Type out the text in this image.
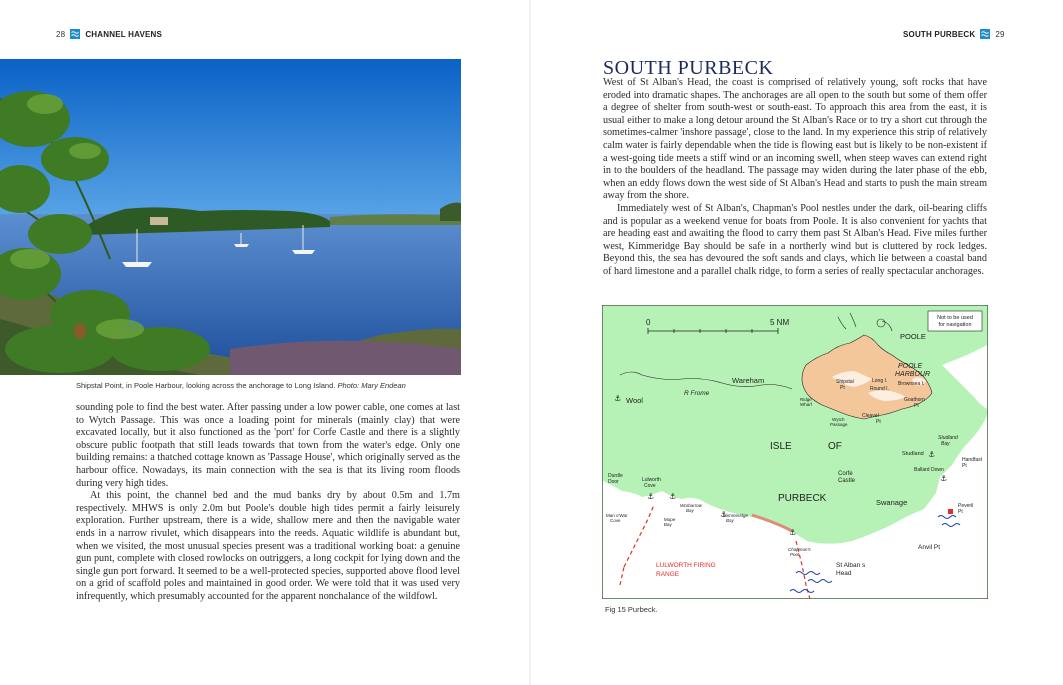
28	CHANNEL HAVENS
Shipstal Point, in Poole Harbour, looking across the anchorage to Long Island. Photo: Mary Endean

sounding pole to find the best water. After passing under a low power cable, one comes at last to Wytch Passage. This was once a loading point for minerals (mainly clay) that were excavated locally, but it also functioned as the 'port' for Corfe Castle and there is a slightly obscure public footpath that still leads towards that town from the water's edge. Only one building remains: a thatched cottage known as 'Passage House', which originally served as the harbour office. Nowadays, its main connection with the sea is that its living room floods during very high tides.

At this point, the channel bed and the mud banks dry by about 0.5m and 1.7m respectively. MHWS is only 2.0m but Poole's double high tides permit a fairly leisurely exploration. Further upstream, there is a wide, shallow mere and then the navigable water ends in a narrow rivulet, which disappears into the reeds. Aquatic wildlife is abundant but, when we visited, the most unusual species present was a traditional working boat: a genuine gun punt, complete with closed rowlocks on outriggers, a long cockpit for lying down and the single gun port forward. It seemed to be a well-protected species, supported above flood level on a grid of scaffold poles and maintained in good order. We were told that it was used very infrequently, which presumably accounted for the apparent nonchalance of the wildfowl.

SOUTH PURBECK	29
SOUTH PURBECK

West of St Alban's Head, the coast is comprised of relatively young, soft rocks that have eroded into dramatic shapes. The anchorages are all open to the south but some of them offer a degree of shelter from south-west or south-east. To approach this area from the east, it is usual either to make a long detour around the St Alban's Race or to try a short cut through the sometimes-calmer 'inshore passage', close to the land. In my experience this strip of relatively calm water is fairly dependable when the tide is flowing east but is likely to be non-existent if a west-going tide meets a stiff wind or an incoming swell, when steep waves can extend right in to the boulders of the headland. The passage may widen during the later phase of the ebb, when an eddy flows down the west side of St Alban's Head and starts to push the main stream away from the shore.

Immediately west of St Alban's, Chapman's Pool nestles under the dark, oil-bearing cliffs and is popular as a weekend venue for boats from Poole. It is also convenient for yachts that are heading east and awaiting the flood to carry them past St Alban's Head. Five miles further west, Kimmeridge Bay should be safe in a northerly wind but is cluttered by rock ledges. Beyond this, the sea has devoured the soft sands and clays, which lie between a coastal band of hard limestone and a parallel chalk ridge, to form a series of really spectacular anchorages.

Not to be used
for navigation
⚓
⚓ ⚓
⚓
⚓
⚓
⚓
0	5 NM
POOLE
POOLE
HARBOUR
Long I.
Round I.
Brownsea I.
Shipstal
Pt
Wareham
R Frome
Wool	Ridge
Wharf
Wytch
Passage
Cleavel
Pt
Goathorn
Pt
Studland
Bay
Studland
Handfast
Pt
Ballard Down
ISLE	OF
PURBECK
Corfe
Castle
Swanage	Peveril
Pt
Anvil Pt
Durdle
Door	Lulworth
Cove
Man o'War
Cove	Mupe
Bay
Worbarrow
Bay
Kimmeridge
Bay
Chapman's
Pool
St Alban s
Head
LULWORTH FIRING
RANGE
Fig 15 Purbeck.
